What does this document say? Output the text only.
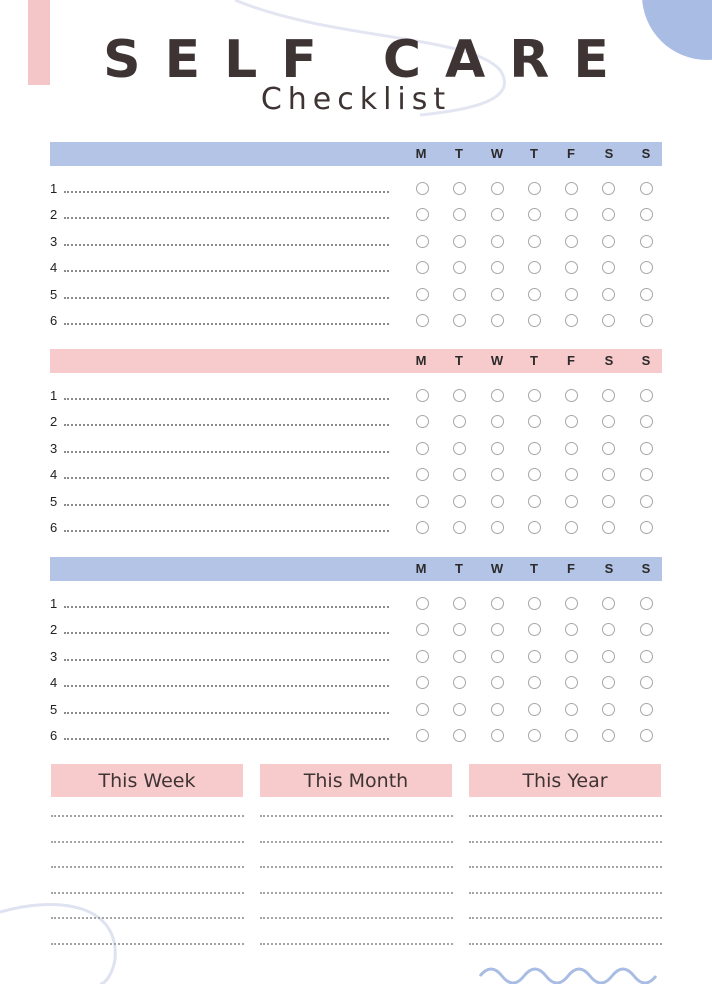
SELF CARE
Checklist
M	T	W	T	F	S	S
1
2
3
4
5
6
M	T	W	T	F	S	S
1
2
3
4
5
6
M	T	W	T	F	S	S
1
2
3
4
5
6
This Week	This Month	This Year
